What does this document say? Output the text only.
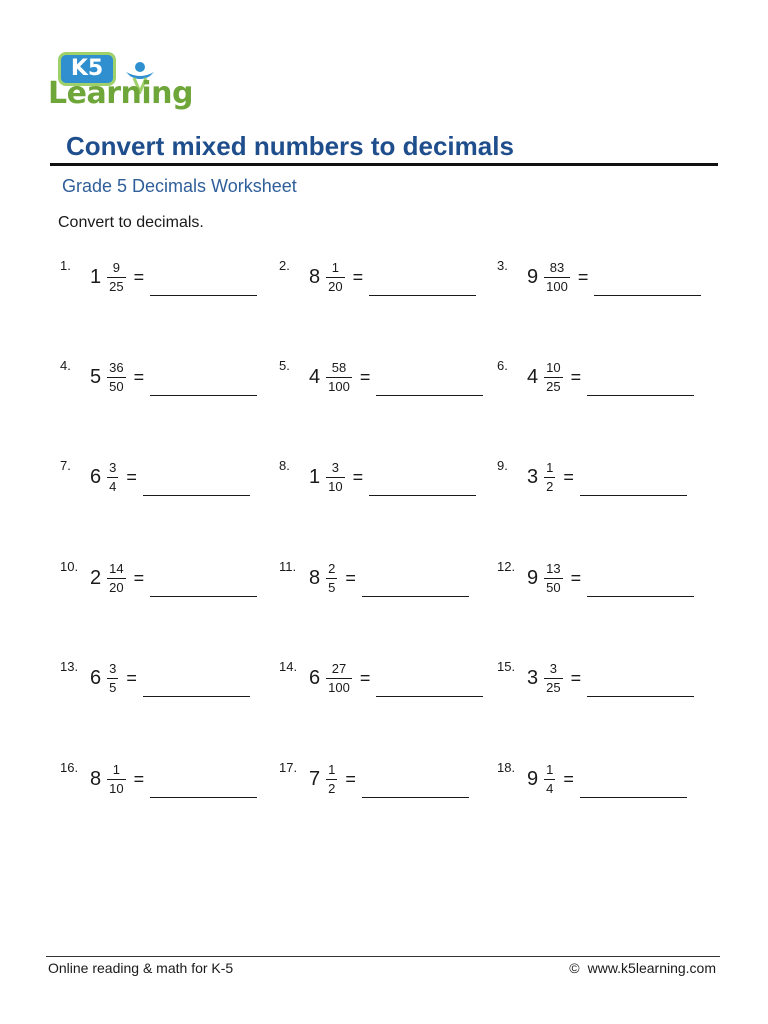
K5
Learning
Convert mixed numbers to decimals
Grade 5 Decimals Worksheet
Convert to decimals.
1. $1 \frac{9}{25}$ =
2. $8 \frac{1}{20}$ =
3. $9 \frac{83}{100}$ =
4. $5 \frac{36}{50}$ =
5. $4 \frac{58}{100}$ =
6. $4 \frac{10}{25}$ =
7. $6 \frac{3}{4}$ =
8. $1 \frac{3}{10}$ =
9. $3 \frac{1}{2}$ =
10. $2 \frac{14}{20}$ =
11. $8 \frac{2}{5}$ =
12. $9 \frac{13}{50}$ =
13. $6 \frac{3}{5}$ =
14. $6 \frac{27}{100}$ =
15. $3 \frac{3}{25}$ =
16. $8 \frac{1}{10}$ =
17. $7 \frac{1}{2}$ =
18. $9 \frac{1}{4}$ =
Online reading & math for K-5	© www.k5learning.com
